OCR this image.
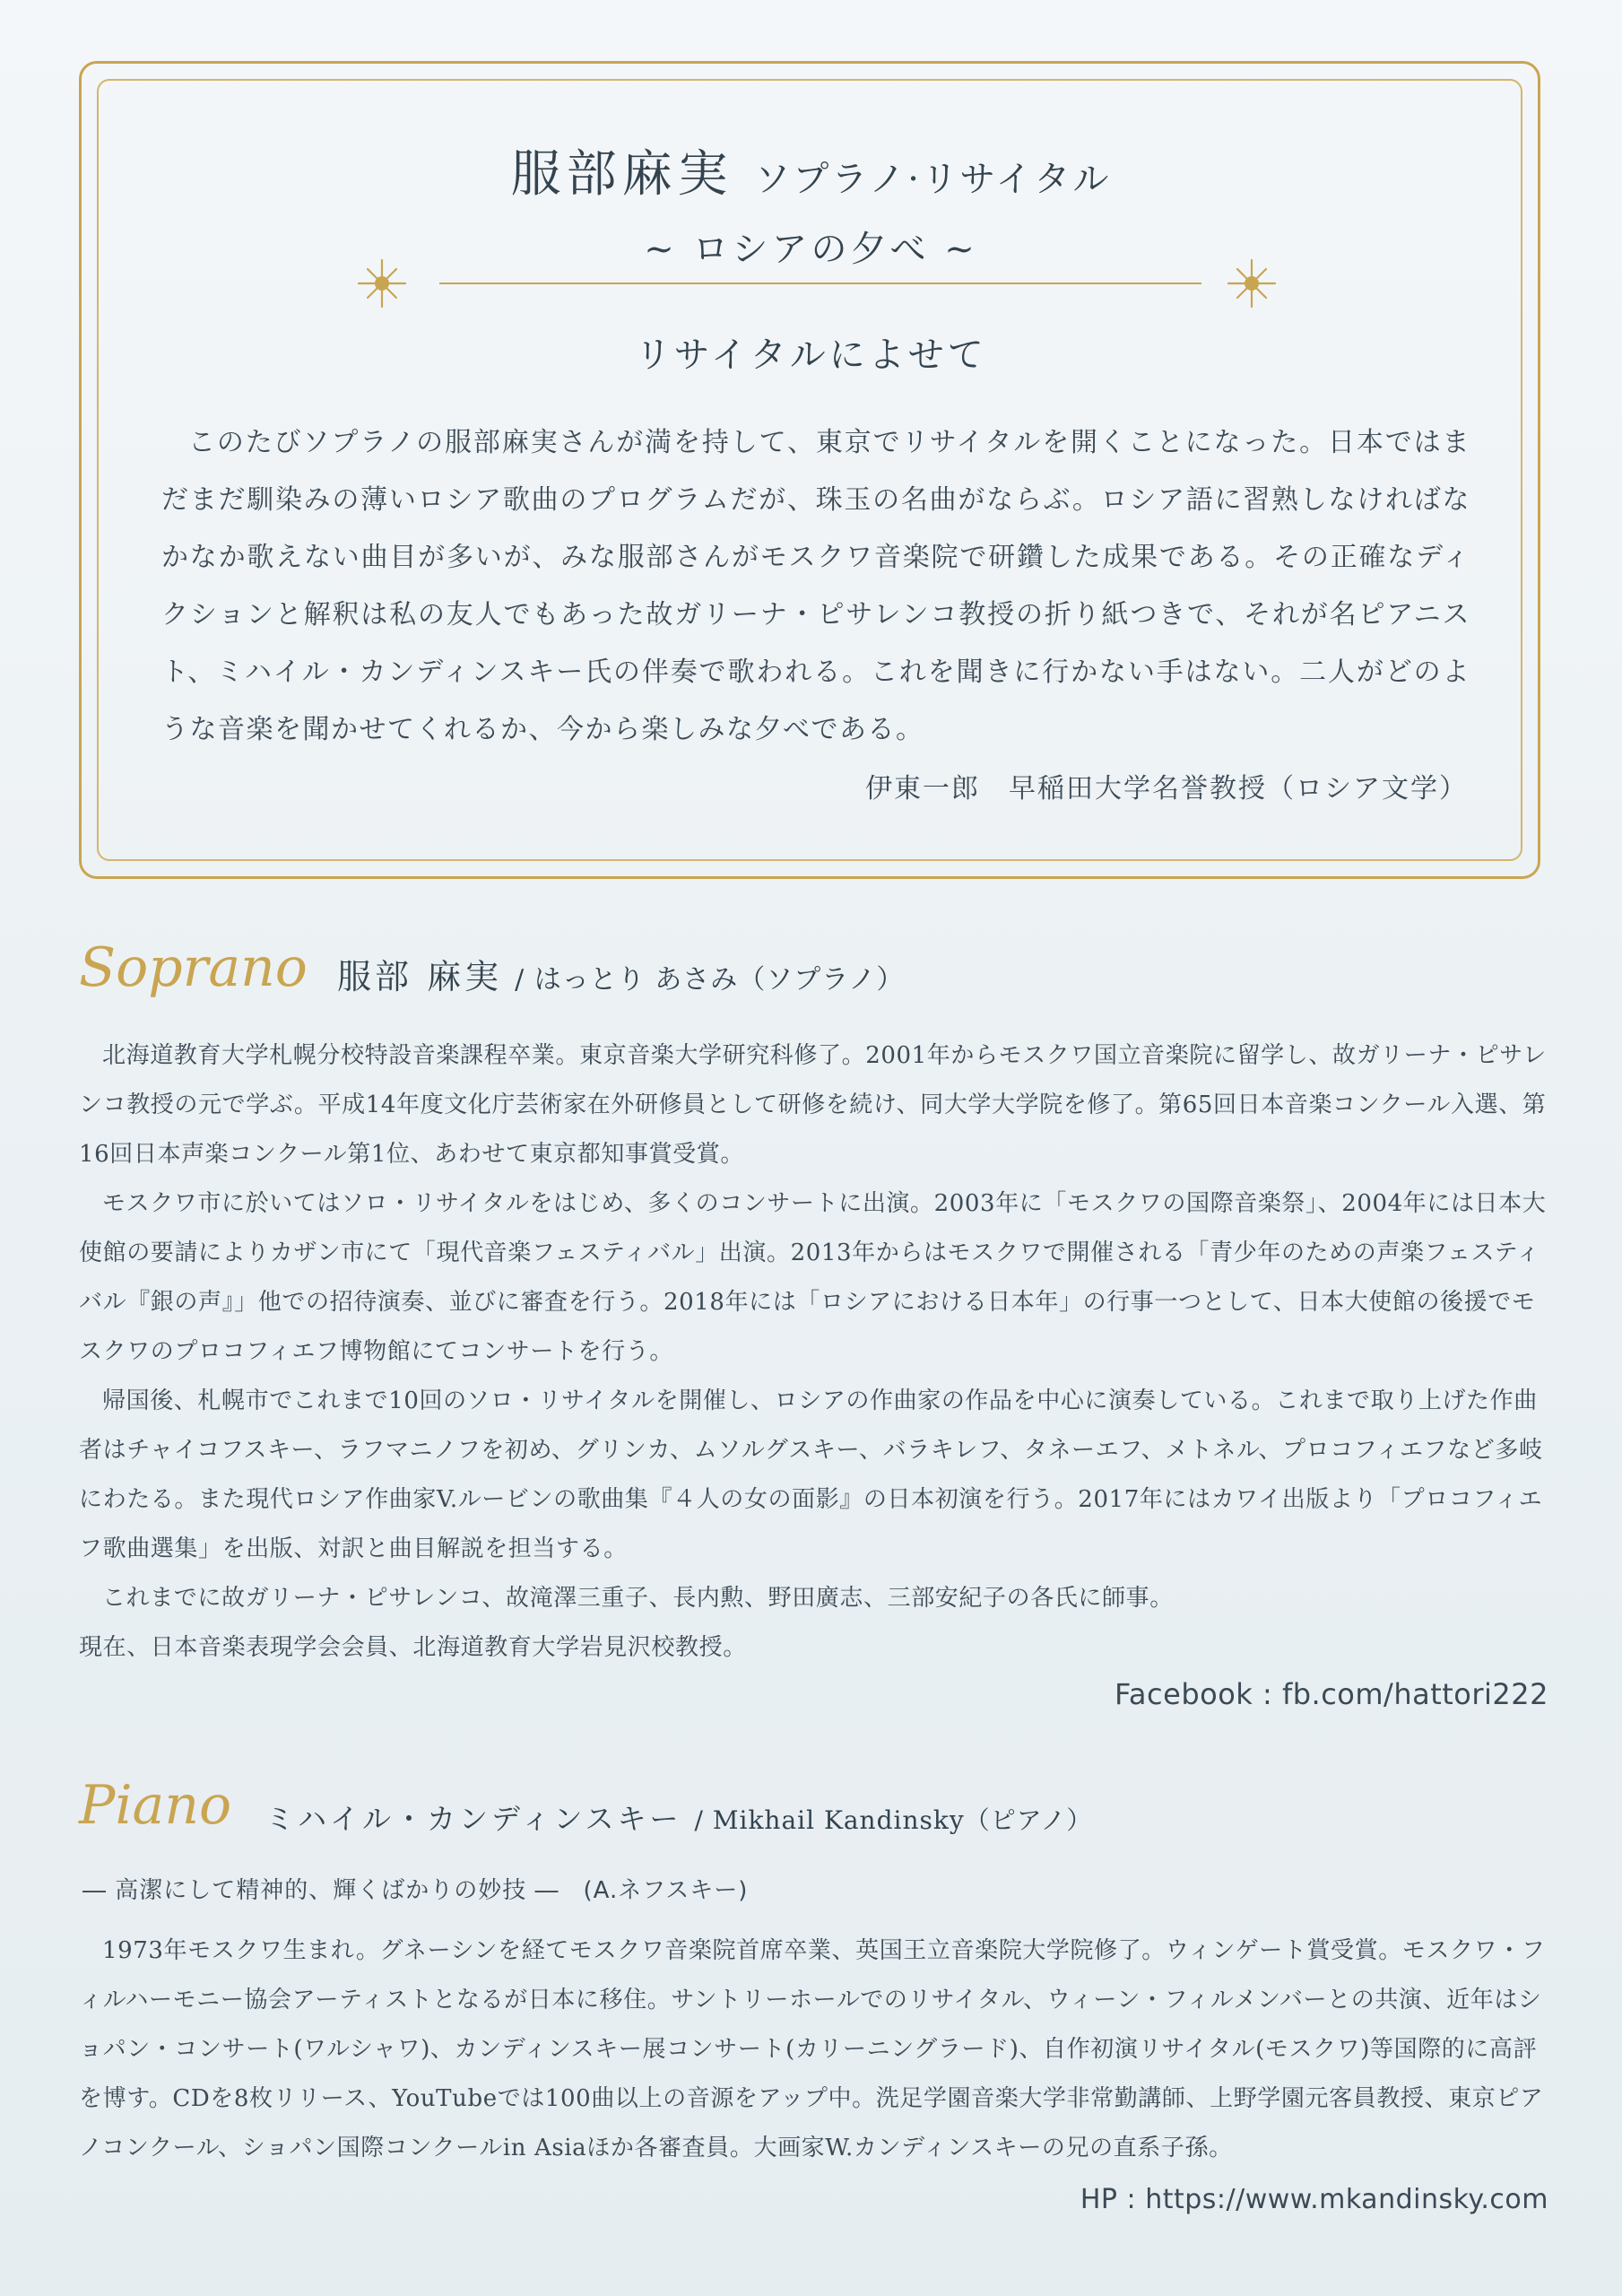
服部麻実 ソプラノ·リサイタル
~ ロシアの夕べ ~
リサイタルによせて

このたびソプラノの服部麻実さんが満を持して、東京でリサイタルを開くことになった。日本ではまだまだ馴染みの薄いロシア歌曲のプログラムだが、珠玉の名曲がならぶ。ロシア語に習熟しなければなかなか歌えない曲目が多いが、みな服部さんがモスクワ音楽院で研鑽した成果である。その正確なディクションと解釈は私の友人でもあった故ガリーナ・ピサレンコ教授の折り紙つきで、それが名ピアニスト、ミハイル・カンディンスキー氏の伴奏で歌われる。これを聞きに行かない手はない。二人がどのような音楽を聞かせてくれるか、今から楽しみな夕べである。

伊東一郎　早稲田大学名誉教授（ロシア文学）
Soprano 服部 麻実 / はっとり あさみ（ソプラノ）

北海道教育大学札幌分校特設音楽課程卒業。東京音楽大学研究科修了。2001年からモスクワ国立音楽院に留学し、故ガリーナ・ピサレンコ教授の元で学ぶ。平成14年度文化庁芸術家在外研修員として研修を続け、同大学大学院を修了。第65回日本音楽コンクール入選、第16回日本声楽コンクール第1位、あわせて東京都知事賞受賞。

モスクワ市に於いてはソロ・リサイタルをはじめ、多くのコンサートに出演。2003年に「モスクワの国際音楽祭」、2004年には日本大使館の要請によりカザン市にて「現代音楽フェスティバル」出演。2013年からはモスクワで開催される「青少年のための声楽フェスティバル『銀の声』」他での招待演奏、並びに審査を行う。2018年には「ロシアにおける日本年」の行事一つとして、日本大使館の後援でモスクワのプロコフィエフ博物館にてコンサートを行う。

帰国後、札幌市でこれまで10回のソロ・リサイタルを開催し、ロシアの作曲家の作品を中心に演奏している。これまで取り上げた作曲者はチャイコフスキー、ラフマニノフを初め、グリンカ、ムソルグスキー、バラキレフ、タネーエフ、メトネル、プロコフィエフなど多岐にわたる。また現代ロシア作曲家V.ルービンの歌曲集『４人の女の面影』の日本初演を行う。2017年にはカワイ出版より「プロコフィエフ歌曲選集」を出版、対訳と曲目解説を担当する。

これまでに故ガリーナ・ピサレンコ、故滝澤三重子、長内勲、野田廣志、三部安紀子の各氏に師事。

現在、日本音楽表現学会会員、北海道教育大学岩見沢校教授。

Facebook : fb.com/hattori222
Piano ミハイル・カンディンスキー / Mikhail Kandinsky（ピアノ）
― 高潔にして精神的、輝くばかりの妙技 ―　(A.ネフスキー)

1973年モスクワ生まれ。グネーシンを経てモスクワ音楽院首席卒業、英国王立音楽院大学院修了。ウィンゲート賞受賞。モスクワ・フィルハーモニー協会アーティストとなるが日本に移住。サントリーホールでのリサイタル、ウィーン・フィルメンバーとの共演、近年はショパン・コンサート(ワルシャワ)、カンディンスキー展コンサート(カリーニングラード)、自作初演リサイタル(モスクワ)等国際的に高評を博す。CDを8枚リリース、YouTubeでは100曲以上の音源をアップ中。洗足学園音楽大学非常勤講師、上野学園元客員教授、東京ピアノコンクール、ショパン国際コンクールin Asiaほか各審査員。大画家W.カンディンスキーの兄の直系子孫。

HP : https://www.mkandinsky.com
